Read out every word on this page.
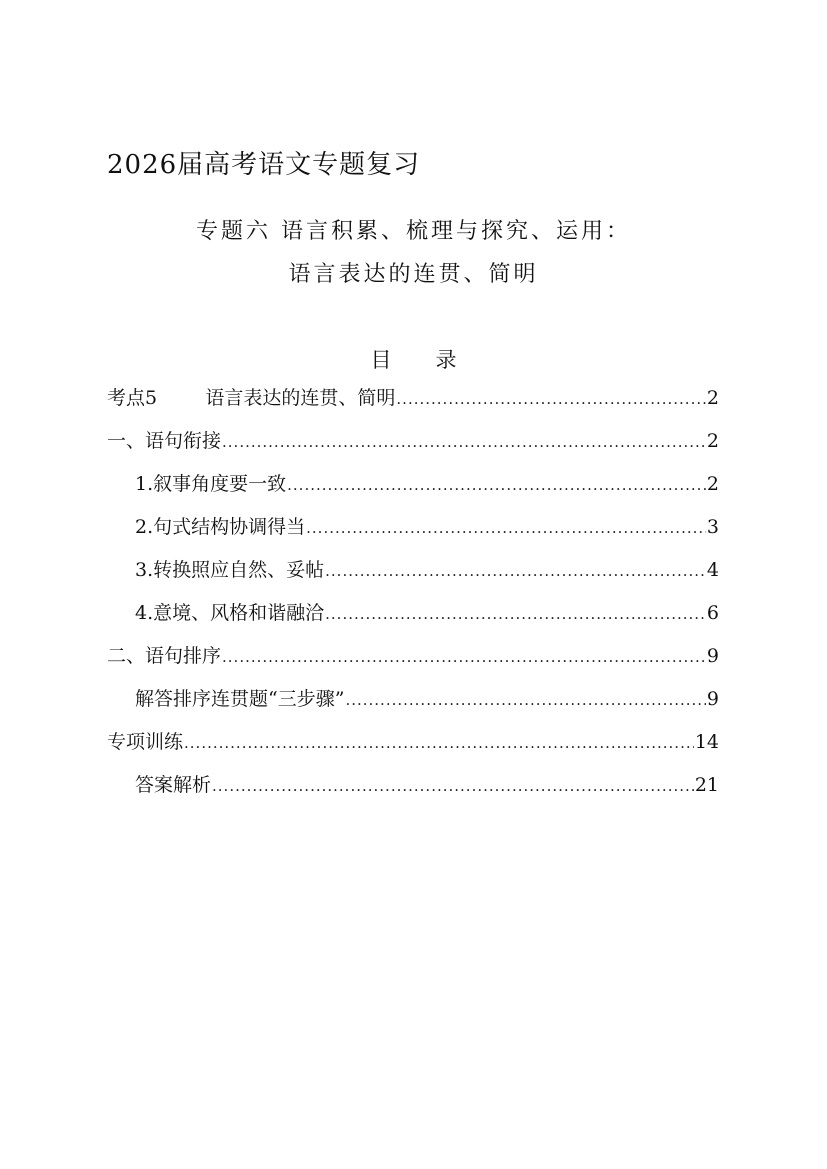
2026届高考语文专题复习
专题六 语言积累、梳理与探究、运用：
语言表达的连贯、简明
目 录
考点5        语言表达的连贯、简明 .....	2
一、语句衔接 .....	2
1.叙事角度要一致 .....	2
2.句式结构协调得当 .....	3
3.转换照应自然、妥帖 .....	4
4.意境、风格和谐融洽 .....	6
二、语句排序 .....	9
解答排序连贯题“三步骤” .....	9
专项训练 .....	14
答案解析 .....	21
